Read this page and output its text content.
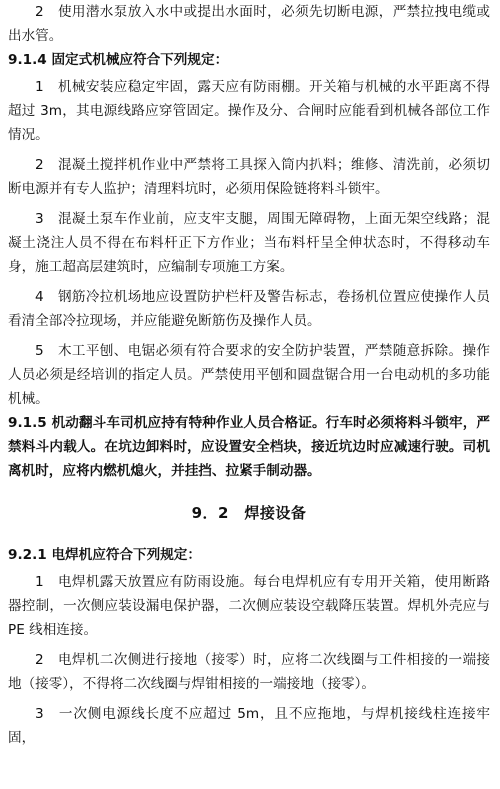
2　使用潜水泵放入水中或提出水面时，必须先切断电源，严禁拉拽电缆或出水管。

9.1.4 固定式机械应符合下列规定：

1　机械安装应稳定牢固，露天应有防雨棚。开关箱与机械的水平距离不得超过 3m，其电源线路应穿管固定。操作及分、合闸时应能看到机械各部位工作情况。

2　混凝土搅拌机作业中严禁将工具探入筒内扒料；维修、清洗前，必须切断电源并有专人监护；清理料坑时，必须用保险链将料斗锁牢。

3　混凝土泵车作业前，应支牢支腿，周围无障碍物，上面无架空线路；混凝土浇注人员不得在布料杆正下方作业；当布料杆呈全伸状态时，不得移动车身，施工超高层建筑时，应编制专项施工方案。

4　钢筋冷拉机场地应设置防护栏杆及警告标志，卷扬机位置应使操作人员看清全部冷拉现场，并应能避免断筋伤及操作人员。

5　木工平刨、电锯必须有符合要求的安全防护装置，严禁随意拆除。操作人员必须是经培训的指定人员。严禁使用平刨和圆盘锯合用一台电动机的多功能机械。

9.1.5 机动翻斗车司机应持有特种作业人员合格证。行车时必须将料斗锁牢，严禁料斗内载人。在坑边卸料时，应设置安全档块，接近坑边时应减速行驶。司机离机时，应将内燃机熄火，并挂挡、拉紧手制动器。

9．2　焊接设备

9.2.1 电焊机应符合下列规定：

1　电焊机露天放置应有防雨设施。每台电焊机应有专用开关箱，使用断路器控制，一次侧应装设漏电保护器，二次侧应装设空载降压装置。焊机外壳应与 PE 线相连接。

2　电焊机二次侧进行接地（接零）时，应将二次线圈与工件相接的一端接地（接零），不得将二次线圈与焊钳相接的一端接地（接零）。

3　一次侧电源线长度不应超过 5m，且不应拖地，与焊机接线柱连接牢固，
